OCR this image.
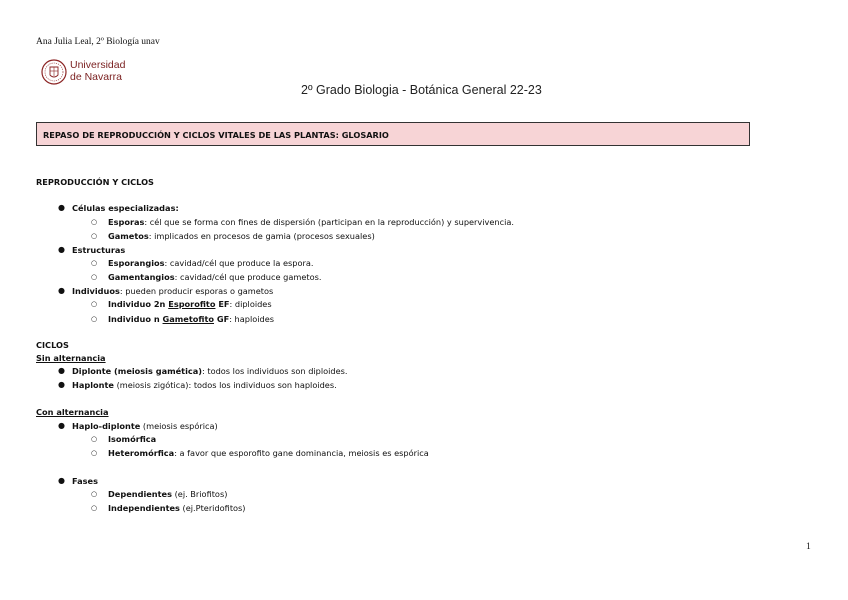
Ana Julia Leal, 2º Biología unav
Universidad
de Navarra
2º Grado Biologia - Botánica General 22-23
REPASO DE REPRODUCCIÓN Y CICLOS VITALES DE LAS PLANTAS: GLOSARIO
REPRODUCCIÓN Y CICLOS
● Células especializadas:
○ Esporas: cél que se forma con fines de dispersión (participan en la reproducción) y supervivencia.
○ Gametos: implicados en procesos de gamia (procesos sexuales)
● Estructuras
○ Esporangios: cavidad/cél que produce la espora.
○ Gamentangios: cavidad/cél que produce gametos.
● Individuos: pueden producir esporas o gametos
○ Individuo 2n Esporofito EF: diploides
○ Individuo n Gametofito GF: haploides
CICLOS
Sin alternancia
● Diplonte (meiosis gamética): todos los individuos son diploides.
● Haplonte (meiosis zigótica): todos los individuos son haploides.
Con alternancia
● Haplo-diplonte (meiosis espórica)
○ Isomórfica
○ Heteromórfica: a favor que esporofito gane dominancia, meiosis es espórica
● Fases
○ Dependientes (ej. Briofitos)
○ Independientes (ej.Pteridofitos)
1
